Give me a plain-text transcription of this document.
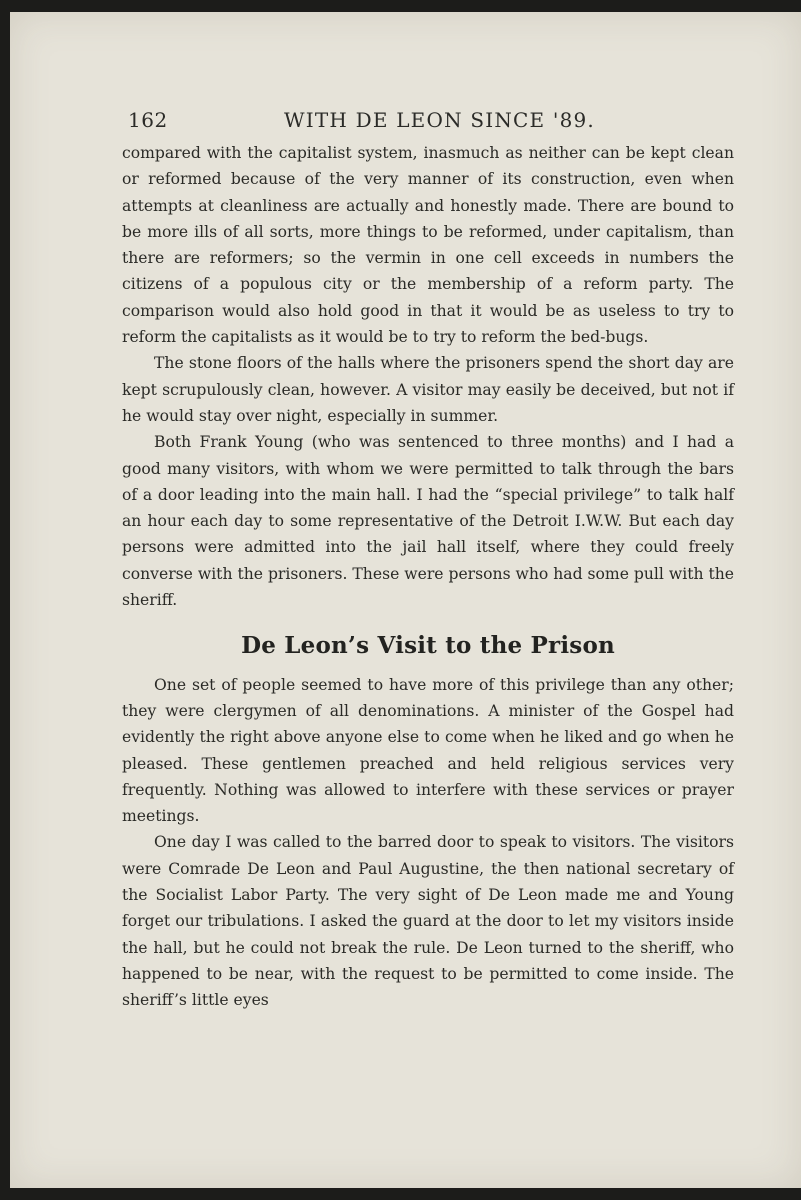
162	WITH DE LEON SINCE '89.

compared with the capitalist system, inasmuch as neither can be kept clean or reformed because of the very manner of its construction, even when attempts at cleanliness are actually and honestly made. There are bound to be more ills of all sorts, more things to be reformed, under capitalism, than there are reformers; so the vermin in one cell exceeds in numbers the citizens of a populous city or the membership of a reform party. The comparison would also hold good in that it would be as useless to try to reform the capitalists as it would be to try to reform the bed-bugs.

The stone floors of the halls where the prisoners spend the short day are kept scrupulously clean, however. A visitor may easily be deceived, but not if he would stay over night, especially in summer.

Both Frank Young (who was sentenced to three months) and I had a good many visitors, with whom we were permitted to talk through the bars of a door leading into the main hall. I had the “special privilege” to talk half an hour each day to some representative of the Detroit I.W.W. But each day persons were admitted into the jail hall itself, where they could freely converse with the prisoners. These were persons who had some pull with the sheriff.

De Leon’s Visit to the Prison

One set of people seemed to have more of this privilege than any other; they were clergymen of all denominations. A minister of the Gospel had evidently the right above anyone else to come when he liked and go when he pleased. These gentlemen preached and held religious services very frequently. Nothing was allowed to interfere with these services or prayer meetings.

One day I was called to the barred door to speak to visitors. The visitors were Comrade De Leon and Paul Augustine, the then national secretary of the Socialist Labor Party. The very sight of De Leon made me and Young forget our tribulations. I asked the guard at the door to let my visitors inside the hall, but he could not break the rule. De Leon turned to the sheriff, who happened to be near, with the request to be permitted to come inside. The sheriff’s little eyes
